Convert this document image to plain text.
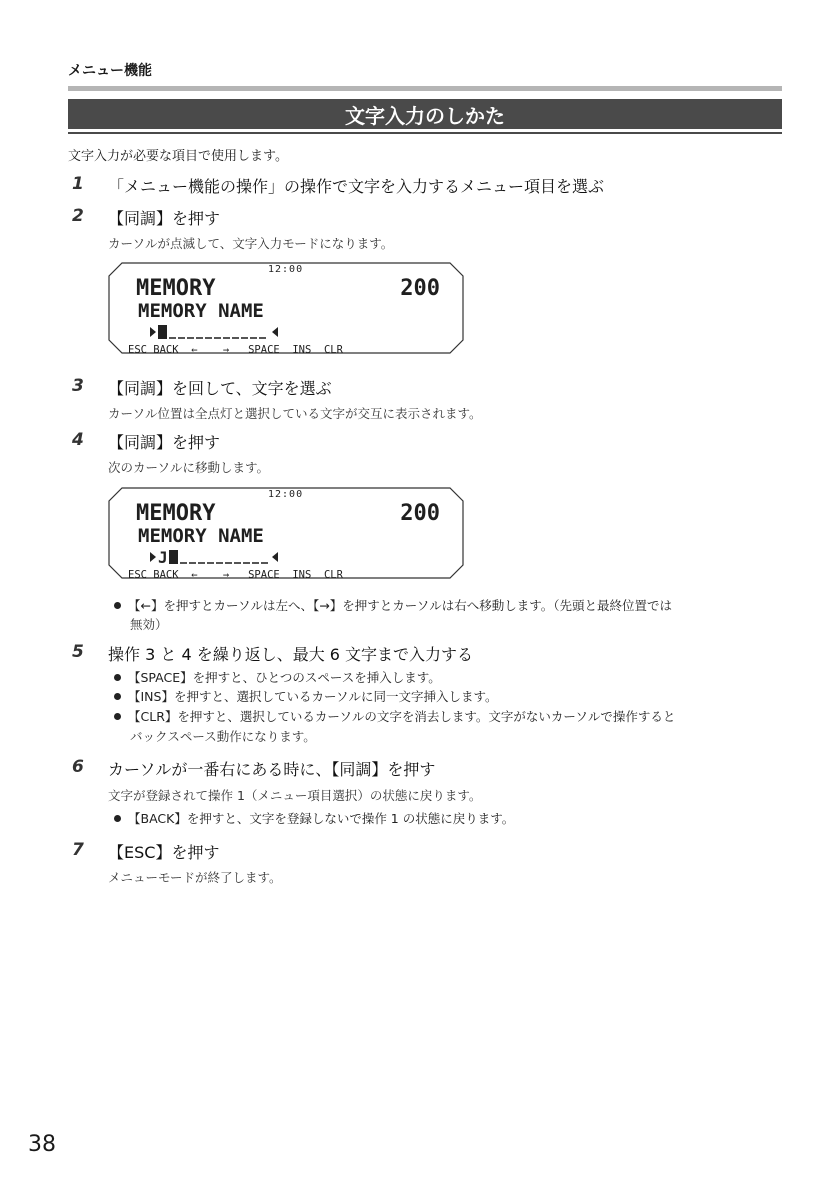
メニュー機能
文字入力のしかた
文字入力が必要な項目で使用します。
1 「メニュー機能の操作」の操作で文字を入力するメニュー項目を選ぶ
2 【同調】を押す
カーソルが点滅して、文字入力モードになります。
12:00
MEMORY	200
MEMORY NAME
ESC BACK  ←    →   SPACE  INS  CLR
3 【同調】を回して、文字を選ぶ
カーソル位置は全点灯と選択している文字が交互に表示されます。
4 【同調】を押す
次のカーソルに移動します。
12:00
MEMORY	200
MEMORY NAME
J
ESC BACK  ←    →   SPACE  INS  CLR
【←】を押すとカーソルは左へ、【→】を押すとカーソルは右へ移動します。（先頭と最終位置では
無効）
5 操作 3 と 4 を繰り返し、最大 6 文字まで入力する
【SPACE】を押すと、ひとつのスペースを挿入します。
【INS】を押すと、選択しているカーソルに同一文字挿入します。
【CLR】を押すと、選択しているカーソルの文字を消去します。文字がないカーソルで操作すると
バックスペース動作になります。
6 カーソルが一番右にある時に、【同調】を押す
文字が登録されて操作 1（メニュー項目選択）の状態に戻ります。
【BACK】を押すと、文字を登録しないで操作 1 の状態に戻ります。
7 【ESC】を押す
メニューモードが終了します。
38
